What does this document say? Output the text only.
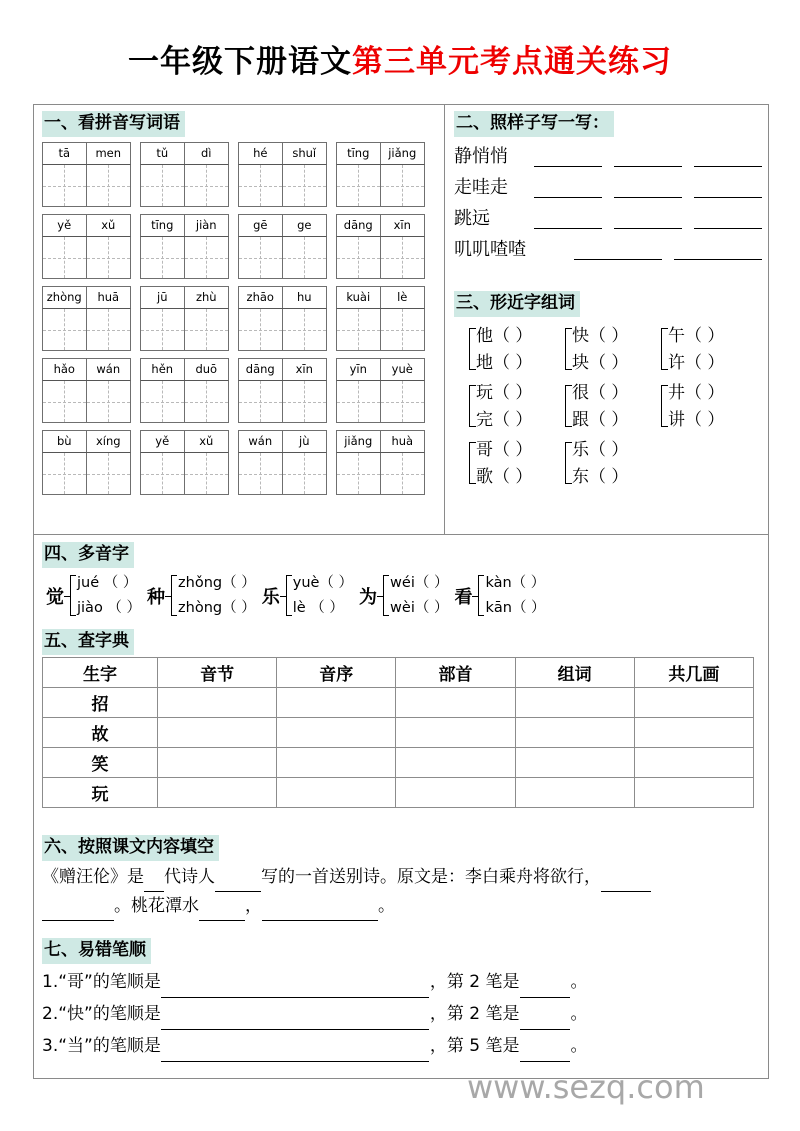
一年级下册语文第三单元考点通关练习
一、看拼音写词语
tā	men	tǔ	dì	hé	shuǐ	tīng	jiǎng
yě	xǔ	tīng	jiàn	gē	ge	dāng	xīn
zhòng	huā	jū	zhù	zhāo	hu	kuài	lè
hǎo	wán	hěn	duō	dāng	xīn	yīn	yuè
bù	xíng	yě	xǔ	wán	jù	jiǎng	huà
二、照样子写一写：
静悄悄
走哇走
跳远
叽叽喳喳
三、形近字组词
他（ ）
地（ ）
快（ ）
块（ ）
午（ ）
许（ ）
玩（ ）
完（ ）
很（ ）
跟（ ）
井（ ）
讲（ ）
哥（ ）
歌（ ）
乐（ ）
东（ ）
四、多音字
觉
jué （ ）
jiào （ ） 种
zhǒng（ ）
zhòng（ ） 乐
yuè（ ）
lè （ ） 为
wéi（ ）
wèi（ ） 看
kàn（ ）
kān（ ）
五、查字典
生字	音节	音序	部首	组词	共几画
招					
故					
笑					
玩					
六、按照课文内容填空
《赠汪伦》是 代诗人	写的一首送别诗。原文是：李白乘舟将欲行，
。桃花潭水	，	。
七、易错笔顺
1.“哥”的笔顺是	，第 2 笔是	。
2.“快”的笔顺是	，第 2 笔是	。
3.“当”的笔顺是	，第 5 笔是	。
www.sezq.com
